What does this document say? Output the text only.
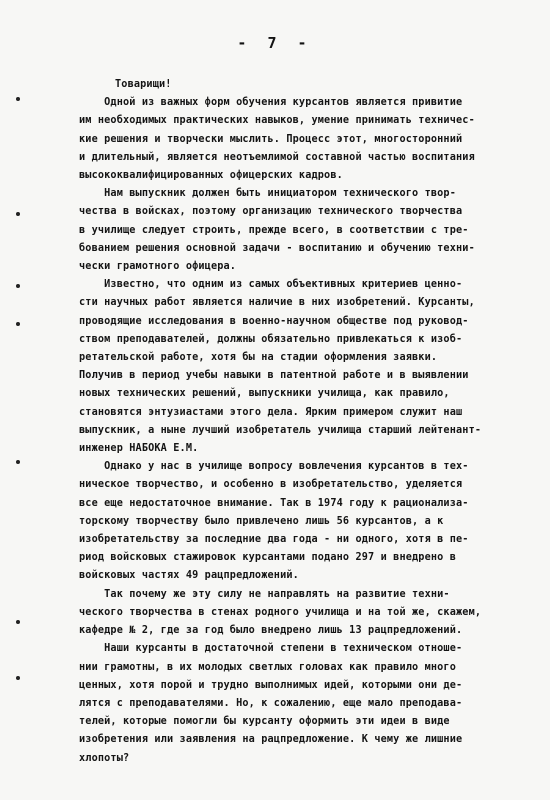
- 7 -
Товарищи!
Одной из важных форм обучения курсантов является привитие
им необходимых практических навыков, умение принимать техничес-
кие решения и творчески мыслить. Процесс этот, многосторонний
и длительный, является неотъемлимой составной частью воспитания
высококвалифицированных офицерских кадров.
Нам выпускник должен быть инициатором технического твор-
чества в войсках, поэтому организацию технического творчества
в училище следует строить, прежде всего, в соответствии с тре-
бованием решения основной задачи - воспитанию и обучению техни-
чески грамотного офицера.
Известно, что одним из самых объективных критериев ценно-
сти научных работ является наличие в них изобретений. Курсанты,
проводящие исследования в военно-научном обществе под руковод-
ством преподавателей, должны обязательно привлекаться к изоб-
ретательской работе, хотя бы на стадии оформления заявки.
Получив в период учебы навыки в патентной работе и в выявлении
новых технических решений, выпускники училища, как правило,
становятся энтузиастами этого дела. Ярким примером служит наш
выпускник, а ныне лучший изобретатель училища старший лейтенант-
инженер НАБОКА Е.М.
Однако у нас в училище вопросу вовлечения курсантов в тех-
ническое творчество, и особенно в изобретательство, уделяется
все еще недостаточное внимание. Так в 1974 году к рационализа-
торскому творчеству было привлечено лишь 56 курсантов, а к
изобретательству за последние два года - ни одного, хотя в пе-
риод войсковых стажировок курсантами подано 297 и внедрено в
войсковых частях 49 рацпредложений.
Так почему же эту силу не направлять на развитие техни-
ческого творчества в стенах родного училища и на той же, скажем,
кафедре № 2, где за год было внедрено лишь 13 рацпредложений.
Наши курсанты в достаточной степени в техническом отноше-
нии грамотны, в их молодых светлых головах как правило много
ценных, хотя порой и трудно выполнимых идей, которыми они де-
лятся с преподавателями. Но, к сожалению, еще мало преподава-
телей, которые помогли бы курсанту оформить эти идеи в виде
изобретения или заявления на рацпредложение. К чему же лишние
хлопоты?
